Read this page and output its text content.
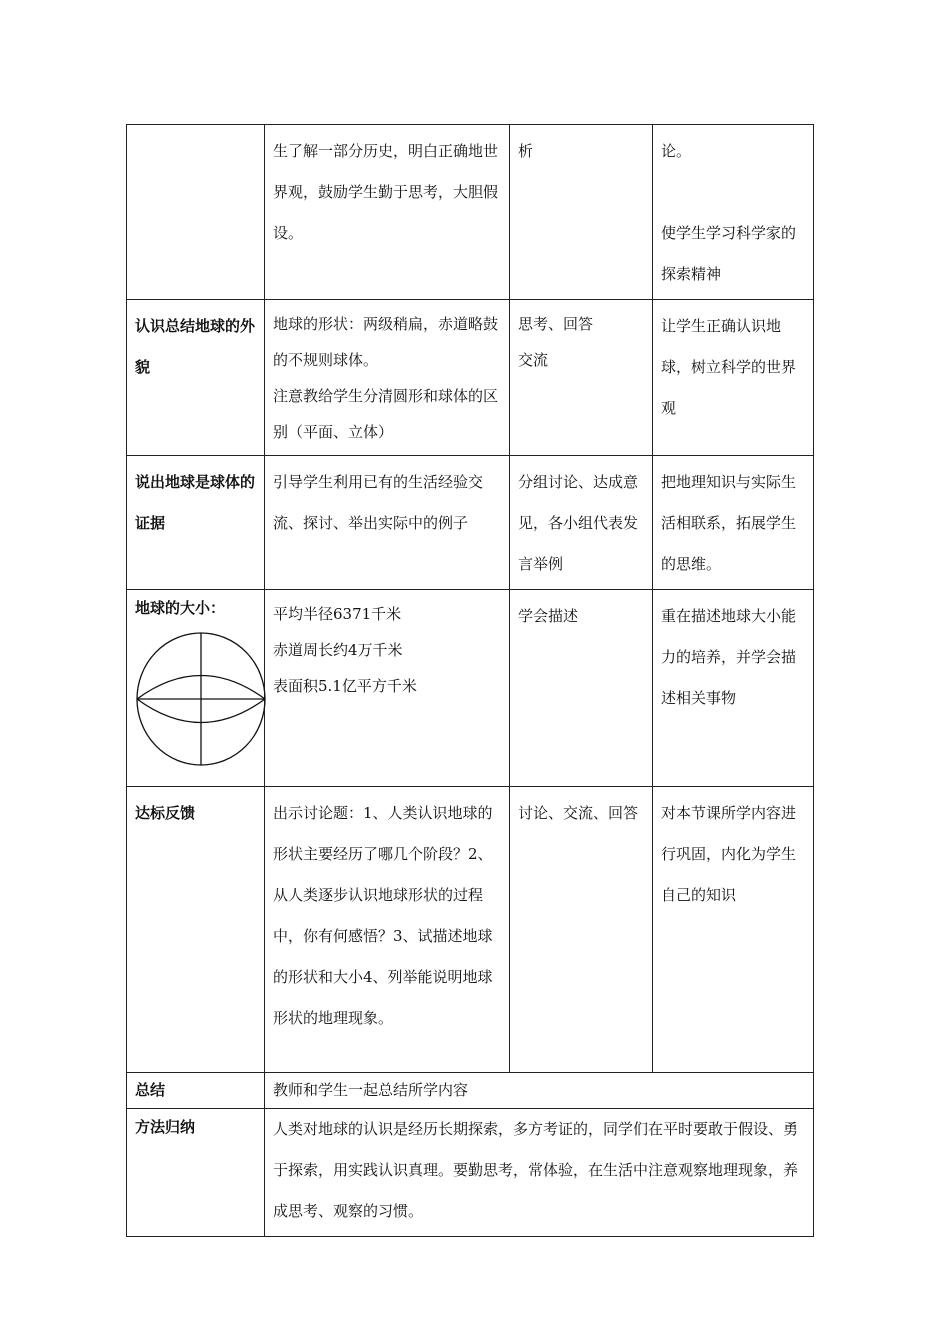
	生了解一部分历史，明白正确地世界观，鼓励学生勤于思考，大胆假设。	析	论。

使学生学习科学家的探索精神

认识总结地球的外貌	地球的形状：两级稍扁，赤道略鼓的不规则球体。
注意教给学生分清圆形和球体的区别（平面、立体）	思考、回答
交流	让学生正确认识地球，树立科学的世界观

说出地球是球体的证据	引导学生利用已有的生活经验交流、探讨、举出实际中的例子	分组讨论、达成意见，各小组代表发言举例	把地理知识与实际生活相联系，拓展学生的思维。

地球的大小：	平均半径6371千米
赤道周长约4万千米
表面积5.1亿平方千米	学会描述	重在描述地球大小能力的培养，并学会描述相关事物

达标反馈	出示讨论题：1、人类认识地球的形状主要经历了哪几个阶段？2、从人类逐步认识地球形状的过程中，你有何感悟？3、试描述地球的形状和大小4、列举能说明地球形状的地理现象。	讨论、交流、回答	对本节课所学内容进行巩固，内化为学生自己的知识

总结	教师和学生一起总结所学内容		

方法归纳	人类对地球的认识是经历长期探索，多方考证的，同学们在平时要敢于假设、勇于探索，用实践认识真理。要勤思考，常体验，在生活中注意观察地理现象，养成思考、观察的习惯。		
